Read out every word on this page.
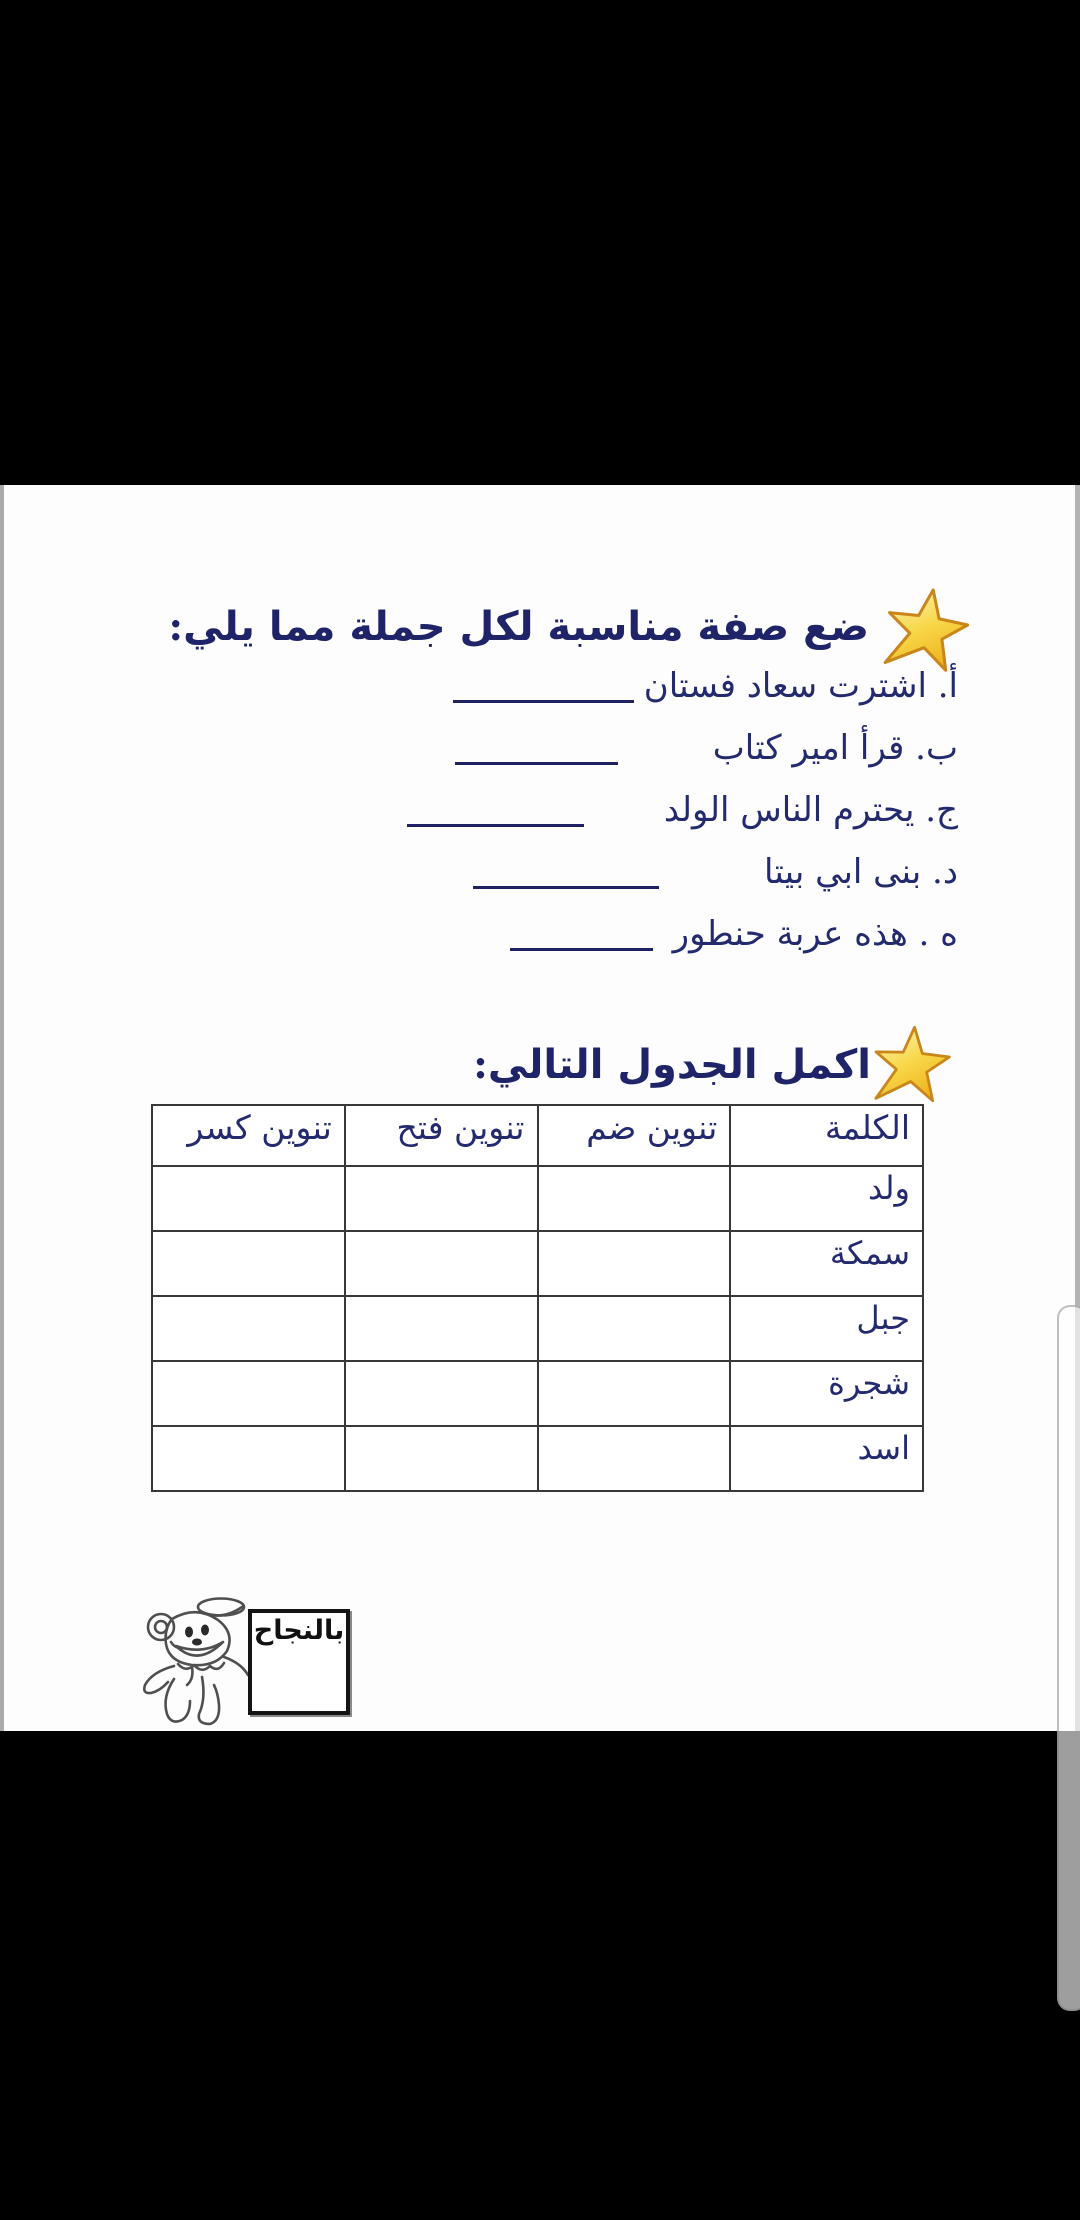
ضع صفة مناسبة لكل جملة مما يلي:
أ. اشترت سعاد فستان
ب. قرأ امير كتاب
ج. يحترم الناس الولد
د. بنى ابي بيتا
ه . هذه عربة حنطور
اكمل الجدول التالي:
الكلمة	تنوين ضم	تنوين فتح	تنوين كسر
ولد			
سمكة			
جبل			
شجرة			
اسد			
بالنجاح
